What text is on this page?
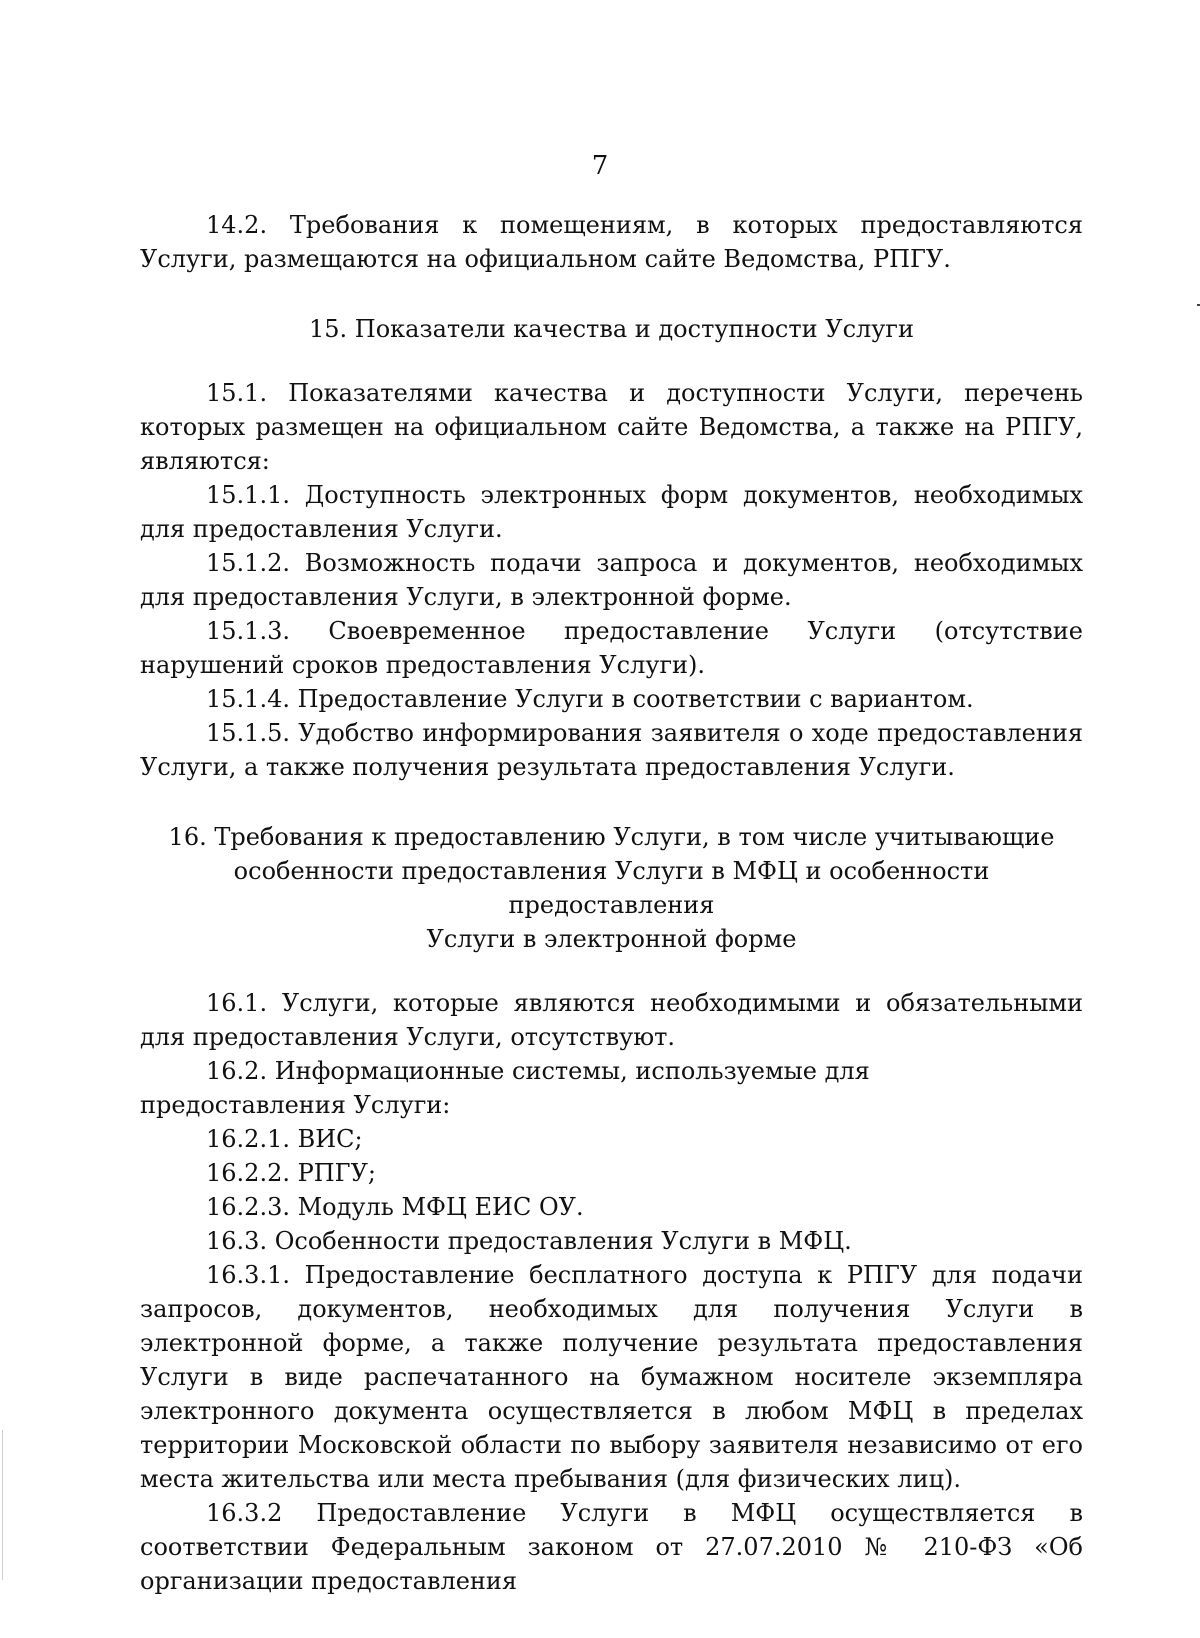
7

14.2. Требования к помещениям, в которых предоставляются Услуги, размещаются на официальном сайте Ведомства, РПГУ.

15. Показатели качества и доступности Услуги

15.1. Показателями качества и доступности Услуги, перечень которых размещен на официальном сайте Ведомства, а также на РПГУ, являются:

15.1.1. Доступность электронных форм документов, необходимых для предоставления Услуги.

15.1.2. Возможность подачи запроса и документов, необходимых для предоставления Услуги, в электронной форме.

15.1.3. Своевременное предоставление Услуги (отсутствие нарушений сроков предоставления Услуги).

15.1.4. Предоставление Услуги в соответствии с вариантом.

15.1.5. Удобство информирования заявителя о ходе предоставления Услуги, а также получения результата предоставления Услуги.

16. Требования к предоставлению Услуги, в том числе учитывающие
особенности предоставления Услуги в МФЦ и особенности предоставления
Услуги в электронной форме

16.1. Услуги, которые являются необходимыми и обязательными для предоставления Услуги, отсутствуют.

16.2. Информационные системы, используемые для предоставления Услуги:

16.2.1. ВИС;

16.2.2. РПГУ;

16.2.3. Модуль МФЦ ЕИС ОУ.

16.3. Особенности предоставления Услуги в МФЦ.

16.3.1. Предоставление бесплатного доступа к РПГУ для подачи запросов, документов, необходимых для получения Услуги в электронной форме, а также получение результата предоставления Услуги в виде распечатанного на бумажном носителе экземпляра электронного документа осуществляется в любом МФЦ в пределах территории Московской области по выбору заявителя независимо от его места жительства или места пребывания (для физических лиц).

16.3.2 Предоставление Услуги в МФЦ осуществляется в соответствии Федеральным законом от 27.07.2010 № 210-ФЗ «Об организации предоставления
